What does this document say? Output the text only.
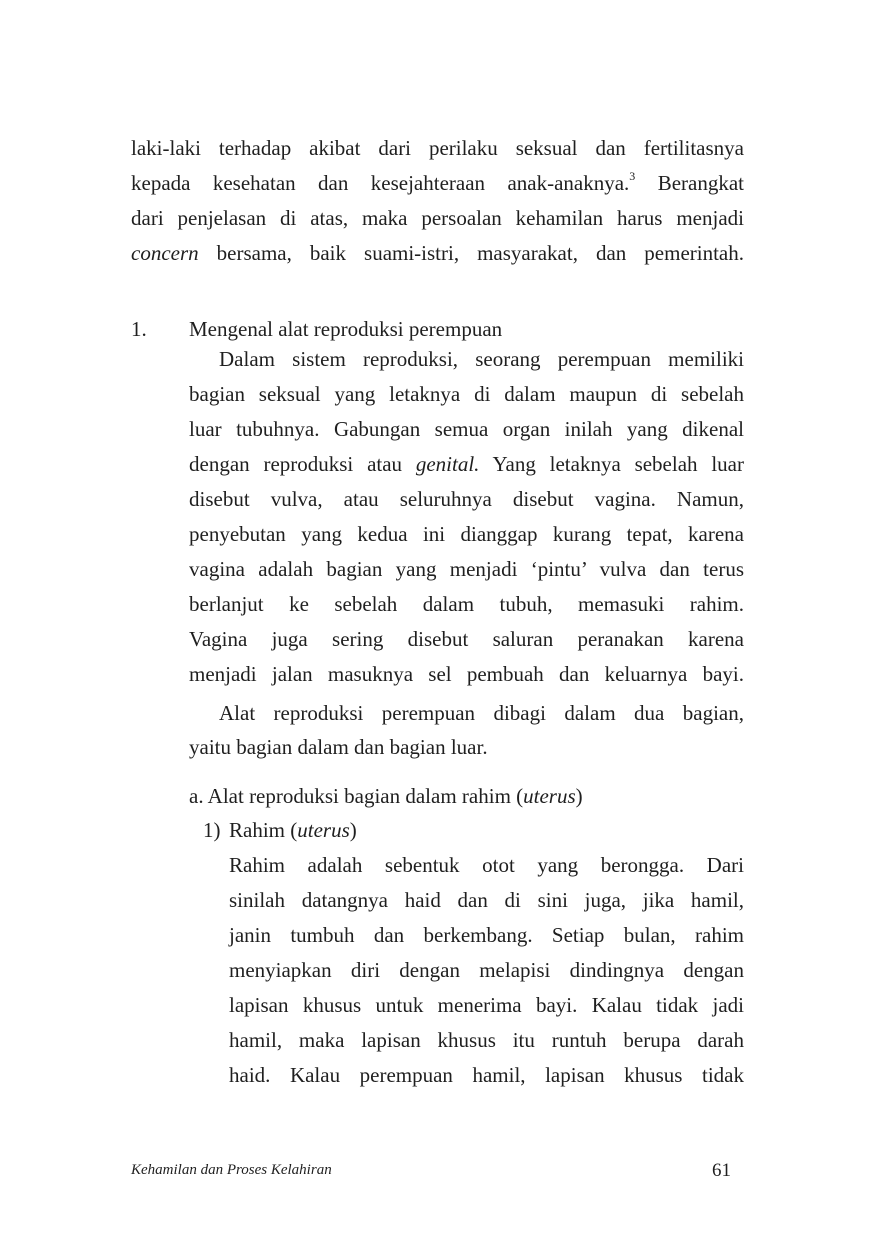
laki-laki terhadap akibat dari perilaku seksual dan fertilitasnya
kepada kesehatan dan kesejahteraan anak-anaknya.$^3$ Berangkat
dari penjelasan di atas, maka persoalan kehamilan harus menjadi
concern bersama, baik suami-istri, masyarakat, dan pemerintah.
Mengenal alat reproduksi perempuan
Dalam sistem reproduksi, seorang perempuan memiliki
bagian seksual yang letaknya di dalam maupun di sebelah
luar tubuhnya. Gabungan semua organ inilah yang dikenal
dengan reproduksi atau genital. Yang letaknya sebelah luar
disebut vulva, atau seluruhnya disebut vagina. Namun,
penyebutan yang kedua ini dianggap kurang tepat, karena
vagina adalah bagian yang menjadi ‘pintu’ vulva dan terus
berlanjut ke sebelah dalam tubuh, memasuki rahim.
Vagina juga sering disebut saluran peranakan karena
menjadi jalan masuknya sel pembuah dan keluarnya bayi.
Alat reproduksi perempuan dibagi dalam dua bagian,
yaitu bagian dalam dan bagian luar.
a. Alat reproduksi bagian dalam rahim (uterus)
Rahim (uterus)
Rahim adalah sebentuk otot yang berongga. Dari
sinilah datangnya haid dan di sini juga, jika hamil,
janin tumbuh dan berkembang. Setiap bulan, rahim
menyiapkan diri dengan melapisi dindingnya dengan
lapisan khusus untuk menerima bayi. Kalau tidak jadi
hamil, maka lapisan khusus itu runtuh berupa darah
haid. Kalau perempuan hamil, lapisan khusus tidak
1.
1)
Kehamilan dan Proses Kelahiran	61
